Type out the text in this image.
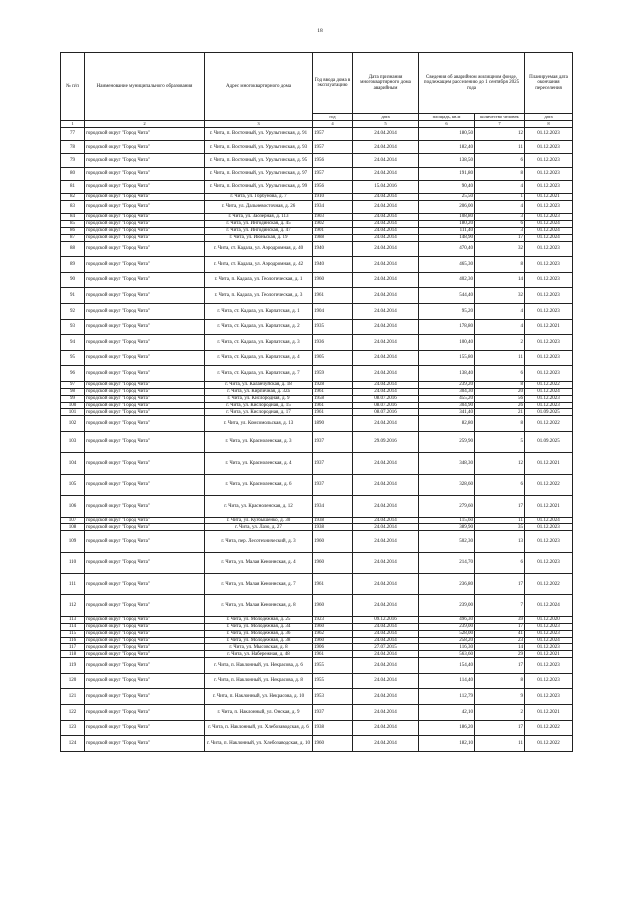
18
№ п/п	Наименование муниципального образования	Адрес многоквартирного дома	Год ввода дома в эксплуатацию	Дата признания многоквартирного дома аварийным	Сведения об аварийном жилищном фонде, подлежащем расселению до 1 сентября 2025 года		Планируемая дата окончания переселения
			год	дата	площадь, кв.м	количество человек	дата
1	2	3	4	5	6	7	8
77	городской округ "Город Чита"	г. Чита, п. Восточный, ул. Урульгинская, д. 91	1957	24.04.2014	180,50	12	01.12.2023
78	городской округ "Город Чита"	г. Чита, п. Восточный, ул. Урульгинская, д. 93	1957	24.04.2014	182,40	11	01.12.2023
79	городской округ "Город Чита"	г. Чита, п. Восточный, ул. Урульгинская, д. 95	1956	24.04.2014	138,50	6	01.12.2023
80	городской округ "Город Чита"	г. Чита, п. Восточный, ул. Урульгинская, д. 97	1957	24.04.2014	191,80	8	01.12.2023
81	городской округ "Город Чита"	г. Чита, п. Восточный, ул. Урульгинская, д. 99	1956	15.04.2016	90,40	4	01.12.2023
82	городской округ "Город Чита"	г. Чита, ул. Горбунова, д. 7	1910	24.04.2014	25,50	1	01.12.2021
83	городской округ "Город Чита"	г. Чита, ул. Дальневосточная, д. 26	1934	24.04.2014	206,00	4	01.12.2023
84	городской округ "Город Чита"	г. Чита, ул. Заозерная, д. 113	1903	24.04.2014	108,80	3	01.12.2023
85	городской округ "Город Чита"	г. Чита, ул. Ингодинская, д. 45	1902	24.04.2014	180,20	6	01.12.2024
86	городской округ "Город Чита"	г. Чита, ул. Ингодинская, д. 47	1901	24.04.2014	111,40	3	01.12.2024
87	городской округ "Город Чита"	г. Чита, ул. Июньская, д. 19	1988	24.04.2014	148,90	17	01.12.2024
88	городской округ "Город Чита"	г. Чита, ст. Кадала, ул. Аэродромная, д. 40	1940	24.04.2014	470,40	32	01.12.2023
89	городской округ "Город Чита"	г. Чита, ст. Кадала, ул. Аэродромная, д. 42	1940	24.04.2014	465,30	8	01.12.2023
90	городской округ "Город Чита"	г. Чита, п. Кадала, ул. Геологическая, д. 1	1960	24.04.2014	402,30	14	01.12.2023
91	городской округ "Город Чита"	г. Чита, п. Кадала, ул. Геологическая, д. 3	1961	24.04.2014	544,40	32	01.12.2023
92	городской округ "Город Чита"	г. Чита, ст. Кадала, ул. Карпатская, д. 1	1904	24.04.2014	95,20	4	01.12.2023
93	городской округ "Город Чита"	г. Чита, ст. Кадала, ул. Карпатская, д. 2	1935	24.04.2014	178,80	4	01.12.2021
94	городской округ "Город Чита"	г. Чита, ст. Кадала, ул. Карпатская, д. 3	1936	24.04.2014	100,40	2	01.12.2023
95	городской округ "Город Чита"	г. Чита, ст. Кадала, ул. Карпатская, д. 4	1905	24.04.2014	155,80	11	01.12.2023
96	городской округ "Город Чита"	г. Чита, ст. Кадала, ул. Карпатская, д. 7	1959	24.04.2014	138,40	6	01.12.2023
97	городской округ "Город Чита"	г. Чита, ул. Каланчуйская, д. 18	1928	24.04.2014	239,20	8	01.12.2022
98	городской округ "Город Чита"	г. Чита, ул. Кирпичная, д. 32а	1961	24.04.2014	304,30	20	01.12.2024
99	городской округ "Город Чита"	г. Чита, ул. Кислородная, д. 9	1958	08.07.2016	455,20	56	01.12.2023
100	городской округ "Город Чита"	г. Чита, ул. Кислородная, д. 15	1961	08.07.2016	304,90	26	01.12.2023
101	городской округ "Город Чита"	г. Чита, ул. Кислородная, д. 17	1961	08.07.2016	341,40	21	01.09.2025
102	городской округ "Город Чита"	г. Чита, ул. Комсомольская, д. 13	1890	24.04.2014	82,80	8	01.12.2022
103	городской округ "Город Чита"	г. Чита, ул. Красноленская, д. 3	1937	29.09.2016	259,90	5	01.09.2025
104	городской округ "Город Чита"	г. Чита, ул. Красноленская, д. 4	1937	24.04.2014	348,30	12	01.12.2021
105	городской округ "Город Чита"	г. Чита, ул. Красноленская, д. 6	1937	24.04.2014	328,60	6	01.12.2022
106	городской округ "Город Чита"	г. Чита, ул. Красноленская, д. 12	1934	24.04.2014	279,60	17	01.12.2021
107	городской округ "Город Чита"	г. Чита, ул. Кузбышенко, д. 30	1938	24.04.2014	115,60	11	01.12.2024
108	городской округ "Город Чита"	г. Чита, ул. Лазо, д. 27	1938	24.04.2014	389,90	35	01.12.2023
109	городской округ "Город Чита"	г. Чита, пер. Лесотехнический, д. 3	1960	24.04.2014	502,30	13	01.12.2023
110	городской округ "Город Чита"	г. Чита, ул. Малая Кеноннская, д. 4	1960	24.04.2014	214,70	6	01.12.2023
111	городской округ "Город Чита"	г. Чита, ул. Малая Кеноннская, д. 7	1961	24.04.2014	236,80	17	01.12.2022
112	городской округ "Город Чита"	г. Чита, ул. Малая Кеноннская, д. 8	1960	24.04.2014	239,00	7	01.12.2024
113	городской округ "Город Чита"	г. Чита, ул. Молодежная, д. 25	1923	09.12.2016	496,30	39	01.12.2020
114	городской округ "Город Чита"	г. Чита, ул. Молодежная, д. 34	1960	24.04.2014	239,00	17	01.12.2023
115	городской округ "Город Чита"	г. Чита, ул. Молодежная, д. 36	1962	24.04.2014	528,00	41	01.12.2023
116	городской округ "Город Чита"	г. Чита, ул. Молодежная, д. 38	1960	24.04.2014	258,20	23	01.12.2024
117	городской округ "Город Чита"	г. Чита, ул. Мысовская, д. 8	1906	27.07.2015	116,30	14	01.12.2023
118	городской округ "Город Чита"	г. Чита, ул. Набережная, д. 48	1961	24.04.2014	563,60	29	01.12.2021
119	городской округ "Город Чита"	г. Чита, п. Наклонный, ул. Некрасова, д. 6	1955	24.04.2014	154,40	17	01.12.2023
120	городской округ "Город Чита"	г. Чита, п. Наклонный, ул. Некрасова, д. 8	1955	24.04.2014	114,40	8	01.12.2023
121	городской округ "Город Чита"	г. Чита, п. Наклонный, ул. Некрасова, д. 10	1953	24.04.2014	112,79	9	01.12.2023
122	городской округ "Город Чита"	г. Чита, п. Наклонный, ул. Онская, д. 9	1937	24.04.2014	42,10	2	01.12.2021
123	городской округ "Город Чита"	г. Чита, п. Наклонный, ул. Хлебозаводская, д. 6	1938	24.04.2014	186,20	17	01.12.2022
124	городской округ "Город Чита"	г. Чита, п. Наклонный, ул. Хлебозаводская, д. 10	1960	24.04.2014	182,10	11	01.12.2022
